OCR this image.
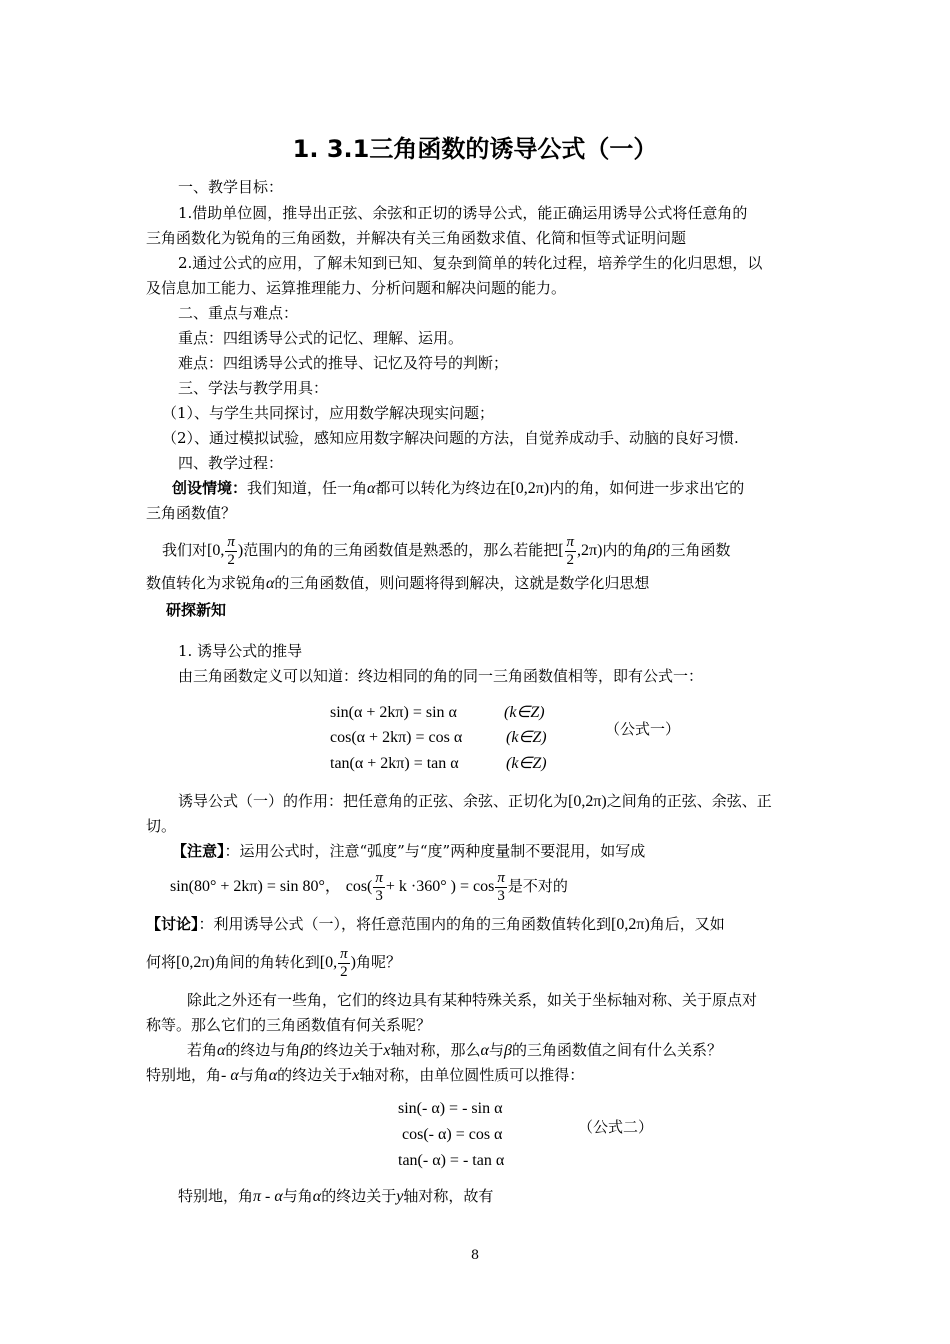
1. 3.1三角函数的诱导公式（一）
一、教学目标：
1.借助单位圆，推导出正弦、余弦和正切的诱导公式，能正确运用诱导公式将任意角的
三角函数化为锐角的三角函数，并解决有关三角函数求值、化简和恒等式证明问题
2.通过公式的应用，了解未知到已知、复杂到简单的转化过程，培养学生的化归思想，以
及信息加工能力、运算推理能力、分析问题和解决问题的能力。
二、重点与难点：
重点：四组诱导公式的记忆、理解、运用。
难点：四组诱导公式的推导、记忆及符号的判断；
三、学法与教学用具：
（1）、与学生共同探讨，应用数学解决现实问题；
（2）、通过模拟试验，感知应用数字解决问题的方法，自觉养成动手、动脑的良好习惯.
四、教学过程：
创设情境：我们知道，任一角α都可以转化为终边在[0,2π)内的角，如何进一步求出它的
三角函数值？
我们对[0, $\frac{\pi}{2}$ )范围内的角的三角函数值是熟悉的，那么若能把[ $\frac{\pi}{2} ,2\pi$)内的角β的三角函数
数值转化为求锐角α的三角函数值，则问题将得到解决，这就是数学化归思想
研探新知
1. 诱导公式的推导
由三角函数定义可以知道：终边相同的角的同一三角函数值相等，即有公式一：
sin(α + 2kπ) = sin α
cos(α + 2kπ) = cos α
tan(α + 2kπ) = tan α
(k∈Z)
(k∈Z)
(k∈Z)
（公式一）
诱导公式（一）的作用：把任意角的正弦、余弦、正切化为[0,2π)之间角的正弦、余弦、正
切。
【注意】：运用公式时，注意“弧度”与“度”两种度量制不要混用，如写成
sin(80° + 2kπ) = sin 80°， $\cos( \frac{\pi}{3} + k \cdot 360^\circ$ ) = $\cos \frac{\pi}{3}$ 是不对的
【讨论】：利用诱导公式（一），将任意范围内的角的三角函数值转化到[0,2π)角后，又如
何将[0,2π)角间的角转化到[0, $\frac{\pi}{2}$ )角呢？
除此之外还有一些角，它们的终边具有某种特殊关系，如关于坐标轴对称、关于原点对
称等。那么它们的三角函数值有何关系呢？
若角α的终边与角β的终边关于x轴对称，那么α与β的三角函数值之间有什么关系？
特别地，角- α与角α的终边关于x轴对称，由单位圆性质可以推得：
sin(- α) = - sin α
cos(- α) = cos α
tan(- α) = - tan α
（公式二）
特别地，角π - α与角α的终边关于y轴对称，故有
8
